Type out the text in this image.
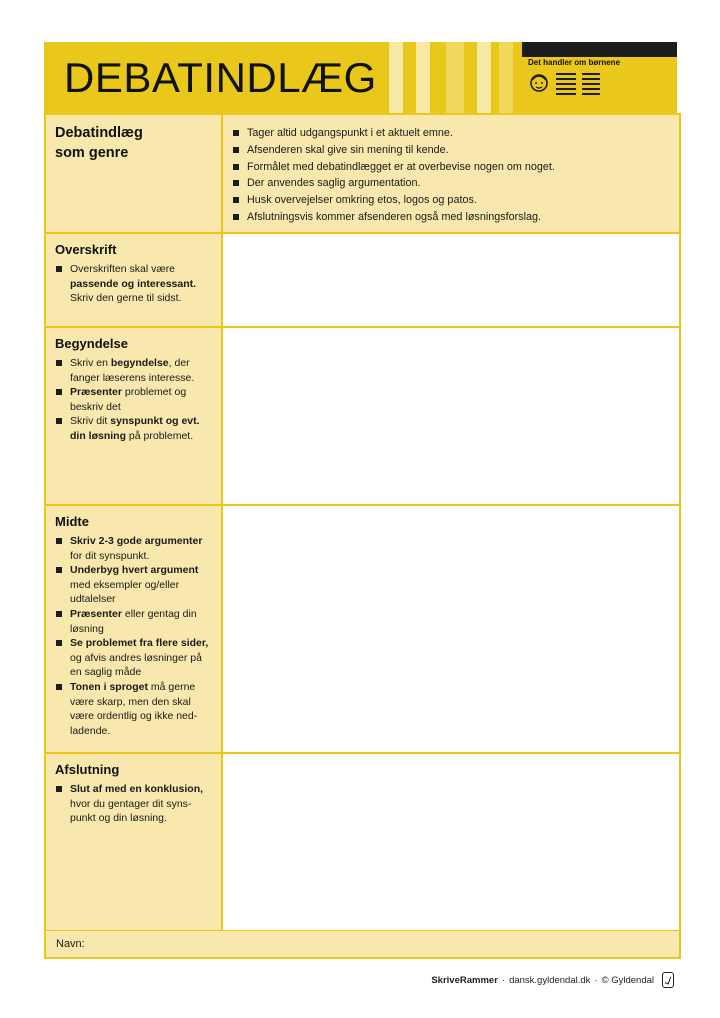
DEBATINDLÆG	Det handler om børnene
Debatindlæg
som genre
Tager altid udgangspunkt i et aktuelt emne.
Afsenderen skal give sin mening til kende.
Formålet med debatindlægget er at overbevise nogen om noget.
Der anvendes saglig argumentation.
Husk overvejelser omkring etos, logos og patos.
Afslutningsvis kommer afsenderen også med løsningsforslag.
Overskrift
Overskriften skal være passende og interessant. Skriv den gerne til sidst.
Begyndelse
Skriv en begyndelse, der fanger læserens interesse.
Præsenter problemet og beskriv det
Skriv dit synspunkt og evt. din løsning på problemet.
Midte
Skriv 2-3 gode argumenter for dit synspunkt.
Underbyg hvert argument med eksempler og/eller udtalelser
Præsenter eller gentag din løsning
Se problemet fra flere sider, og afvis andres løsninger på en saglig måde
Tonen i sproget må gerne være skarp, men den skal være ordentlig og ikke ned-ladende.
Afslutning
Slut af med en konklusion, hvor du gentager dit syns-punkt og din løsning.
Navn:
SkriveRammer · dansk.gyldendal.dk · © Gyldendal
